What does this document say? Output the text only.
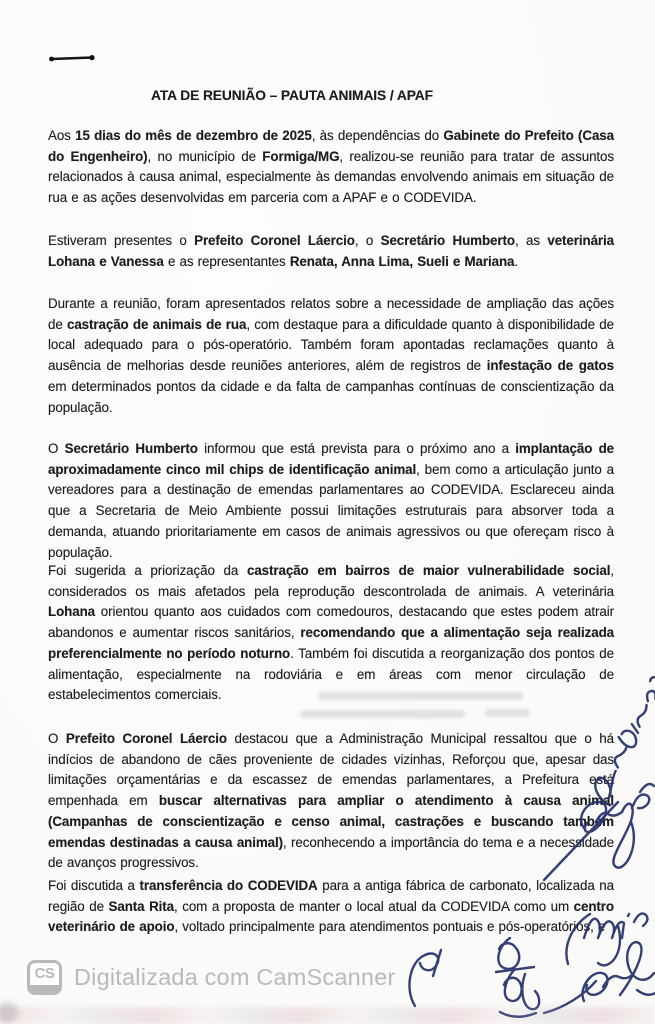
ATA DE REUNIÃO – PAUTA ANIMAIS / APAF

Aos 15 dias do mês de dezembro de 2025, às dependências do Gabinete do Prefeito (Casa do Engenheiro), no município de Formiga/MG, realizou-se reunião para tratar de assuntos relacionados à causa animal, especialmente às demandas envolvendo animais em situação de rua e as ações desenvolvidas em parceria com a APAF e o CODEVIDA.

Estiveram presentes o Prefeito Coronel Láercio, o Secretário Humberto, as veterinária Lohana e Vanessa e as representantes Renata, Anna Lima, Sueli e Mariana.

Durante a reunião, foram apresentados relatos sobre a necessidade de ampliação das ações de castração de animais de rua, com destaque para a dificuldade quanto à disponibilidade de local adequado para o pós-operatório. Também foram apontadas reclamações quanto à ausência de melhorias desde reuniões anteriores, além de registros de infestação de gatos em determinados pontos da cidade e da falta de campanhas contínuas de conscientização da população.

O Secretário Humberto informou que está prevista para o próximo ano a implantação de aproximadamente cinco mil chips de identificação animal, bem como a articulação junto a vereadores para a destinação de emendas parlamentares ao CODEVIDA. Esclareceu ainda que a Secretaria de Meio Ambiente possui limitações estruturais para absorver toda a demanda, atuando prioritariamente em casos de animais agressivos ou que ofereçam risco à população.

Foi sugerida a priorização da castração em bairros de maior vulnerabilidade social, considerados os mais afetados pela reprodução descontrolada de animais. A veterinária Lohana orientou quanto aos cuidados com comedouros, destacando que estes podem atrair abandonos e aumentar riscos sanitários, recomendando que a alimentação seja realizada preferencialmente no período noturno. Também foi discutida a reorganização dos pontos de alimentação, especialmente na rodoviária e em áreas com menor circulação de estabelecimentos comerciais.

O Prefeito Coronel Láercio destacou que a Administração Municipal ressaltou que o há indícios de abandono de cães proveniente de cidades vizinhas, Reforçou que, apesar das limitações orçamentárias e da escassez de emendas parlamentares, a Prefeitura está empenhada em buscar alternativas para ampliar o atendimento à causa animal (Campanhas de conscientização e censo animal, castrações e buscando também emendas destinadas a causa animal), reconhecendo a importância do tema e a necessidade de avanços progressivos.

Foi discutida a transferência do CODEVIDA para a antiga fábrica de carbonato, localizada na região de Santa Rita, com a proposta de manter o local atual da CODEVIDA como um centro veterinário de apoio, voltado principalmente para atendimentos pontuais e pós-operatórios, e

CS Digitalizada com CamScanner
